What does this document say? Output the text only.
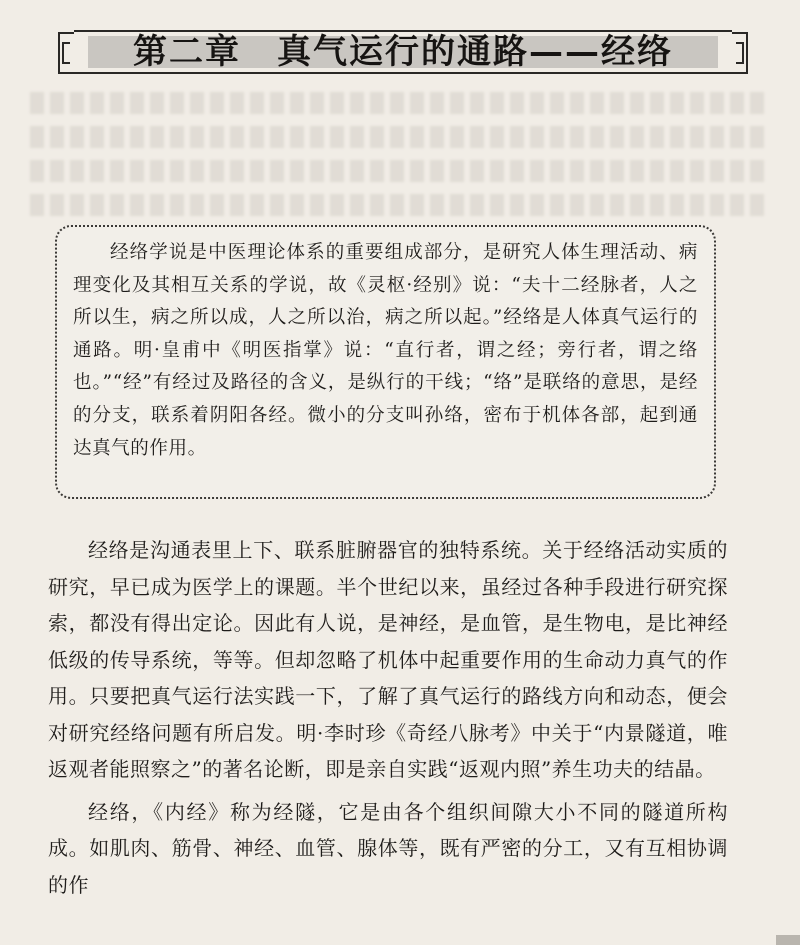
第二章　真气运行的通路——经络

经络学说是中医理论体系的重要组成部分，是研究人体生理活动、病理变化及其相互关系的学说，故《灵枢·经别》说：“夫十二经脉者，人之所以生，病之所以成，人之所以治，病之所以起。”经络是人体真气运行的通路。明·皇甫中《明医指掌》说：“直行者，谓之经；旁行者，谓之络也。”“经”有经过及路径的含义，是纵行的干线；“络”是联络的意思，是经的分支，联系着阴阳各经。微小的分支叫孙络，密布于机体各部，起到通达真气的作用。

经络是沟通表里上下、联系脏腑器官的独特系统。关于经络活动实质的研究，早已成为医学上的课题。半个世纪以来，虽经过各种手段进行研究探索，都没有得出定论。因此有人说，是神经，是血管，是生物电，是比神经低级的传导系统，等等。但却忽略了机体中起重要作用的生命动力真气的作用。只要把真气运行法实践一下，了解了真气运行的路线方向和动态，便会对研究经络问题有所启发。明·李时珍《奇经八脉考》中关于“内景隧道，唯返观者能照察之”的著名论断，即是亲自实践“返观内照”养生功夫的结晶。

经络，《内经》称为经隧，它是由各个组织间隙大小不同的隧道所构成。如肌肉、筋骨、神经、血管、腺体等，既有严密的分工，又有互相协调的作
